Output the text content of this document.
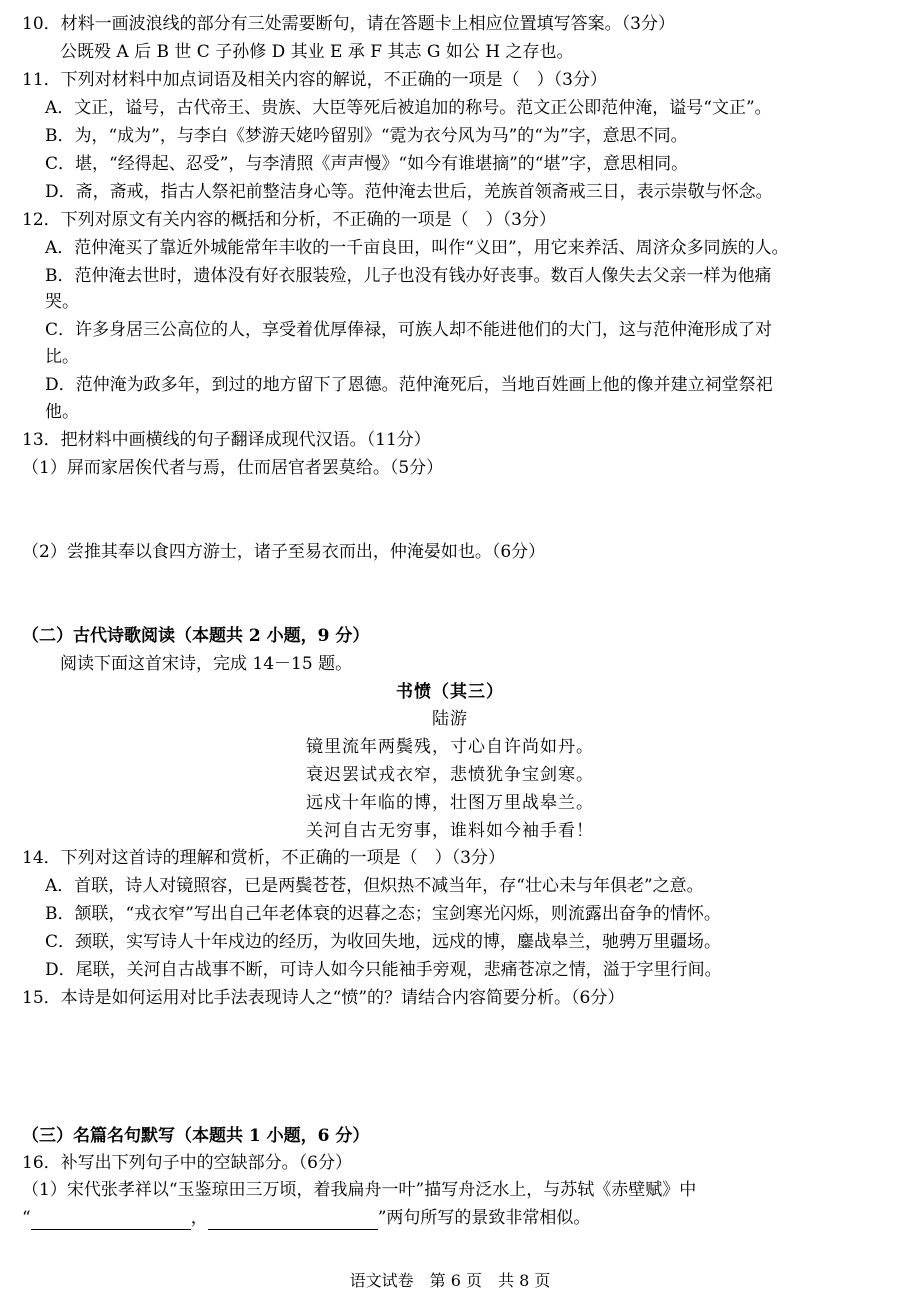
10．材料一画波浪线的部分有三处需要断句，请在答题卡上相应位置填写答案。（3分）
公既殁 A 后 B 世 C 子孙修 D 其业 E 承 F 其志 G 如公 H 之存也。
11．下列对材料中加点词语及相关内容的解说，不正确的一项是（　）（3分）
A．文正，谥号，古代帝王、贵族、大臣等死后被追加的称号。范文正公即范仲淹，谥号“文正”。
B．为，“成为”，与李白《梦游天姥吟留别》“霓为衣兮风为马”的“为”字，意思不同。
C．堪，“经得起、忍受”，与李清照《声声慢》“如今有谁堪摘”的“堪”字，意思相同。
D．斋，斋戒，指古人祭祀前整洁身心等。范仲淹去世后，羌族首领斋戒三日，表示崇敬与怀念。
12．下列对原文有关内容的概括和分析，不正确的一项是（　）（3分）
A．范仲淹买了靠近外城能常年丰收的一千亩良田，叫作“义田”，用它来养活、周济众多同族的人。
B．范仲淹去世时，遗体没有好衣服装殓，儿子也没有钱办好丧事。数百人像失去父亲一样为他痛
哭。
C．许多身居三公高位的人，享受着优厚俸禄，可族人却不能进他们的大门，这与范仲淹形成了对
比。
D．范仲淹为政多年，到过的地方留下了恩德。范仲淹死后，当地百姓画上他的像并建立祠堂祭祀
他。
13．把材料中画横线的句子翻译成现代汉语。（11分）
（1）屏而家居俟代者与焉，仕而居官者罢莫给。（5分）
（2）尝推其奉以食四方游士，诸子至易衣而出，仲淹晏如也。（6分）
（二）古代诗歌阅读（本题共 2 小题，9 分）
阅读下面这首宋诗，完成 14－15 题。
书愤（其三）
陆游
镜里流年两鬓残，寸心自许尚如丹。
衰迟罢试戎衣窄，悲愤犹争宝剑寒。
远戍十年临的博，壮图万里战皋兰。
关河自古无穷事，谁料如今袖手看！
14．下列对这首诗的理解和赏析，不正确的一项是（　）（3分）
A．首联，诗人对镜照容，已是两鬓苍苍，但炽热不减当年，存“壮心未与年俱老”之意。
B．颔联，“戎衣窄”写出自己年老体衰的迟暮之态；宝剑寒光闪烁，则流露出奋争的情怀。
C．颈联，实写诗人十年戍边的经历，为收回失地，远戍的博，鏖战皋兰，驰骋万里疆场。
D．尾联，关河自古战事不断，可诗人如今只能袖手旁观，悲痛苍凉之情，溢于字里行间。
15．本诗是如何运用对比手法表现诗人之“愤”的？请结合内容简要分析。（6分）
（三）名篇名句默写（本题共 1 小题，6 分）
16．补写出下列句子中的空缺部分。（6分）
（1）宋代张孝祥以“玉鉴琼田三万顷，着我扁舟一叶”描写舟泛水上，与苏轼《赤壁赋》中
“	，	”两句所写的景致非常相似。
语文试卷　第 6 页　共 8 页
